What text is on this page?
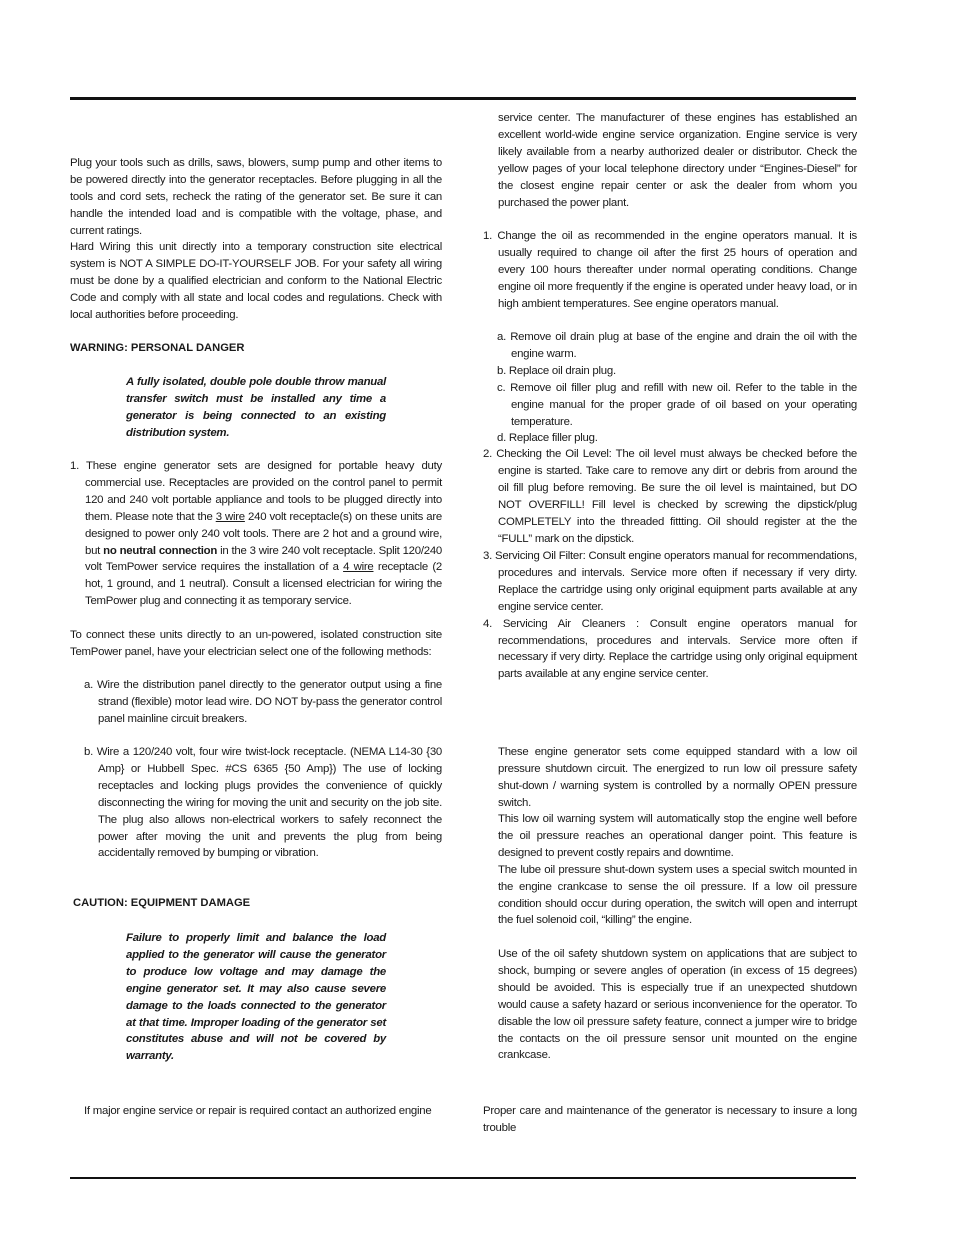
Plug your tools such as drills, saws, blowers, sump pump and other items to be powered directly into the generator receptacles. Before plugging in all the tools and cord sets, recheck the rating of the generator set. Be sure it can handle the intended load and is compatible with the voltage, phase, and current ratings.

Hard Wiring this unit directly into a temporary construction site electrical system is NOT A SIMPLE DO-IT-YOURSELF JOB. For your safety all wiring must be done by a qualified electrician and conform to the National Electric Code and comply with all state and local codes and regulations. Check with local authorities before proceeding.

WARNING: PERSONAL DANGER

A fully isolated, double pole double throw manual transfer switch must be installed any time a generator is being connected to an existing distribution system.

1. These engine generator sets are designed for portable heavy duty commercial use. Receptacles are provided on the control panel to permit 120 and 240 volt portable appliance and tools to be plugged directly into them. Please note that the 3 wire 240 volt receptacle(s) on these units are designed to power only 240 volt tools. There are 2 hot and a ground wire, but no neutral connection in the 3 wire 240 volt receptacle. Split 120/240 volt TemPower service requires the installation of a 4 wire receptacle (2 hot, 1 ground, and 1 neutral). Consult a licensed electrician for wiring the TemPower plug and connecting it as temporary service.

To connect these units directly to an un-powered, isolated construction site TemPower panel, have your electrician select one of the following methods:

a. Wire the distribution panel directly to the generator output using a fine strand (flexible) motor lead wire. DO NOT by-pass the generator control panel mainline circuit breakers.

b. Wire a 120/240 volt, four wire twist-lock receptacle. (NEMA L14-30 {30 Amp} or Hubbell Spec. #CS 6365 {50 Amp}) The use of locking receptacles and locking plugs provides the convenience of quickly disconnecting the wiring for moving the unit and security on the job site. The plug also allows non-electrical workers to safely reconnect the power after moving the unit and prevents the plug from being accidentally removed by bumping or vibration.

CAUTION: EQUIPMENT DAMAGE

Failure to properly limit and balance the load applied to the generator will cause the generator to produce low voltage and may damage the engine generator set. It may also cause severe damage to the loads connected to the generator at that time. Improper loading of the generator set constitutes abuse and will not be covered by warranty.

If major engine service or repair is required contact an authorized engine

service center. The manufacturer of these engines has established an excellent world-wide engine service organization. Engine service is very likely available from a nearby authorized dealer or distributor. Check the yellow pages of your local telephone directory under “Engines-Diesel” for the closest engine repair center or ask the dealer from whom you purchased the power plant.

1. Change the oil as recommended in the engine operators manual. It is usually required to change oil after the first 25 hours of operation and every 100 hours thereafter under normal operating conditions. Change engine oil more frequently if the engine is operated under heavy load, or in high ambient temperatures. See engine operators manual.

a. Remove oil drain plug at base of the engine and drain the oil with the engine warm.

b. Replace oil drain plug.

c. Remove oil filler plug and refill with new oil. Refer to the table in the engine manual for the proper grade of oil based on your operating temperature.

d. Replace filler plug.

2. Checking the Oil Level: The oil level must always be checked before the engine is started. Take care to remove any dirt or debris from around the oil fill plug before removing. Be sure the oil level is maintained, but DO NOT OVERFILL! Fill level is checked by screwing the dipstick/plug COMPLETELY into the threaded fittting. Oil should register at the the “FULL” mark on the dipstick.

3. Servicing Oil Filter: Consult engine operators manual for recommendations, procedures and intervals. Service more often if necessary if very dirty. Replace the cartridge using only original equipment parts available at any engine service center.

4. Servicing Air Cleaners : Consult engine operators manual for recommendations, procedures and intervals. Service more often if necessary if very dirty. Replace the cartridge using only original equipment parts available at any engine service center.

These engine generator sets come equipped standard with a low oil pressure shutdown circuit. The energized to run low oil pressure safety shut-down / warning system is controlled by a normally OPEN pressure switch.

This low oil warning system will automatically stop the engine well before the oil pressure reaches an operational danger point. This feature is designed to prevent costly repairs and downtime.

The lube oil pressure shut-down system uses a special switch mounted in the engine crankcase to sense the oil pressure. If a low oil pressure condition should occur during operation, the switch will open and interrupt the fuel solenoid coil, “killing” the engine.

Use of the oil safety shutdown system on applications that are subject to shock, bumping or severe angles of operation (in excess of 15 degrees) should be avoided. This is especially true if an unexpected shutdown would cause a safety hazard or serious inconvenience for the operator. To disable the low oil pressure safety feature, connect a jumper wire to bridge the contacts on the oil pressure sensor unit mounted on the engine crankcase.

Proper care and maintenance of the generator is necessary to insure a long trouble
